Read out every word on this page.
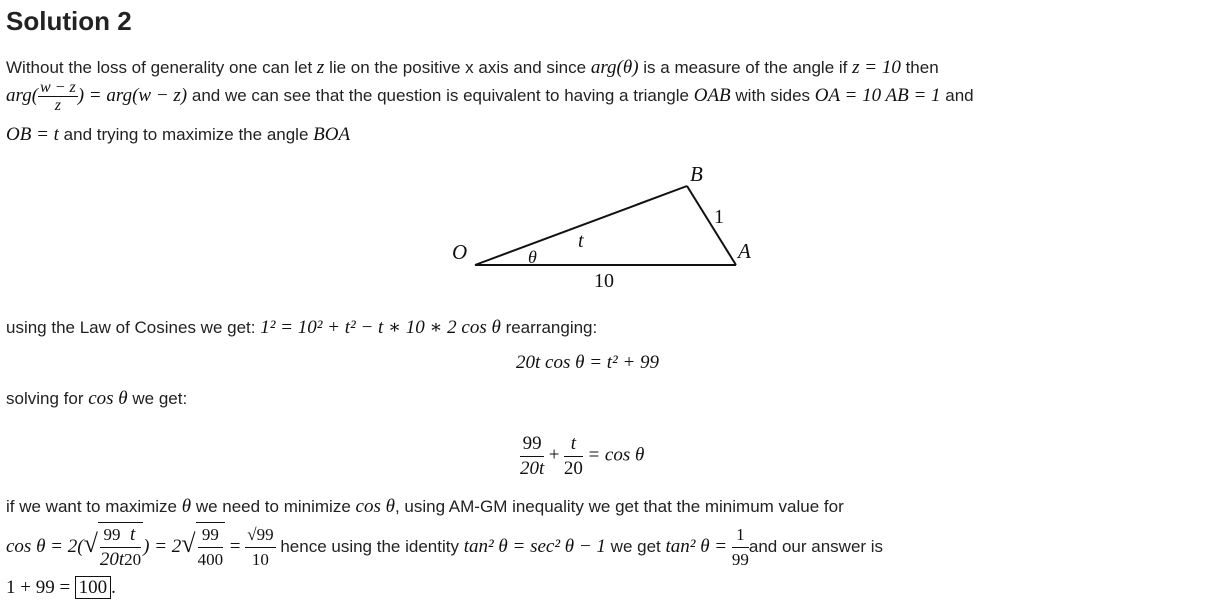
Solution 2
Without the loss of generality one can let z lie on the positive x axis and since arg(θ) is a measure of the angle if z = 10 then
$arg( \frac{w - z}{z}$ ) = arg(w − z) and we can see that the question is equivalent to having a triangle OAB with sides OA = 10 AB = 1 and
OB = t and trying to maximize the angle BOA
O	A
B
t
1
10
θ
using the Law of Cosines we get: 1² = 10² + t² − t ∗ 10 ∗ 2 cos θ rearranging:
20t cos θ = t² + 99
solving for cos θ we get:
$\frac{99}{20t} + \frac{t}{20} = \cos \theta$
if we want to maximize θ we need to minimize cos θ, using AM-GM inequality we get that the minimum value for
$\cos \theta = 2(√ \frac{99}{20t} \frac{t}{20}$ ) = $2√ \frac{99}{400} = \frac{√99}{10}$ hence using the identity tan² θ = sec² θ − 1 we get tan² $\theta = \frac{1}{99}$ and our answer is
1 + 99 = 100 .
